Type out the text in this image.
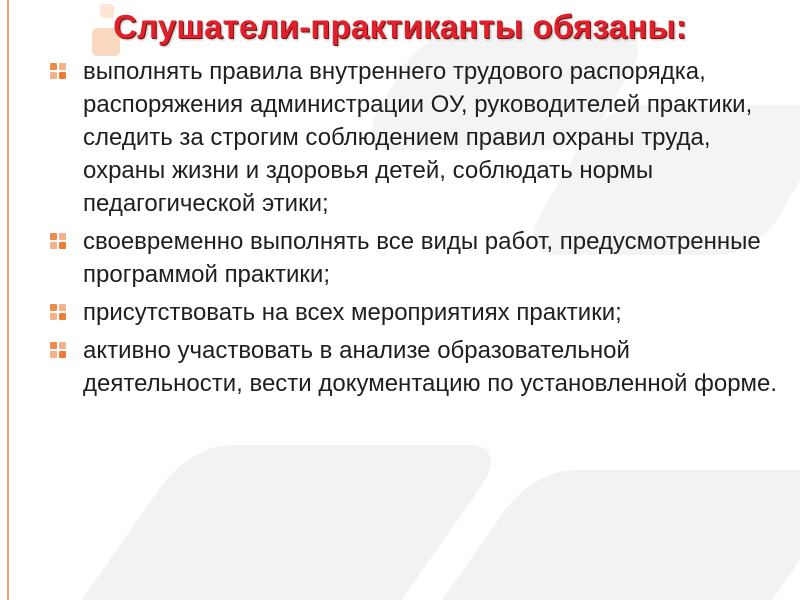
Слушатели-практиканты обязаны:
выполнять правила внутреннего трудового распорядка, распоряжения администрации ОУ, руководителей практики, следить за строгим соблюдением правил охраны труда, охраны жизни и здоровья детей, соблюдать нормы педагогической этики;
своевременно выполнять все виды работ, предусмотренные программой практики;
присутствовать на всех мероприятиях практики;
активно участвовать в анализе образовательной деятельности, вести документацию по установленной форме.
